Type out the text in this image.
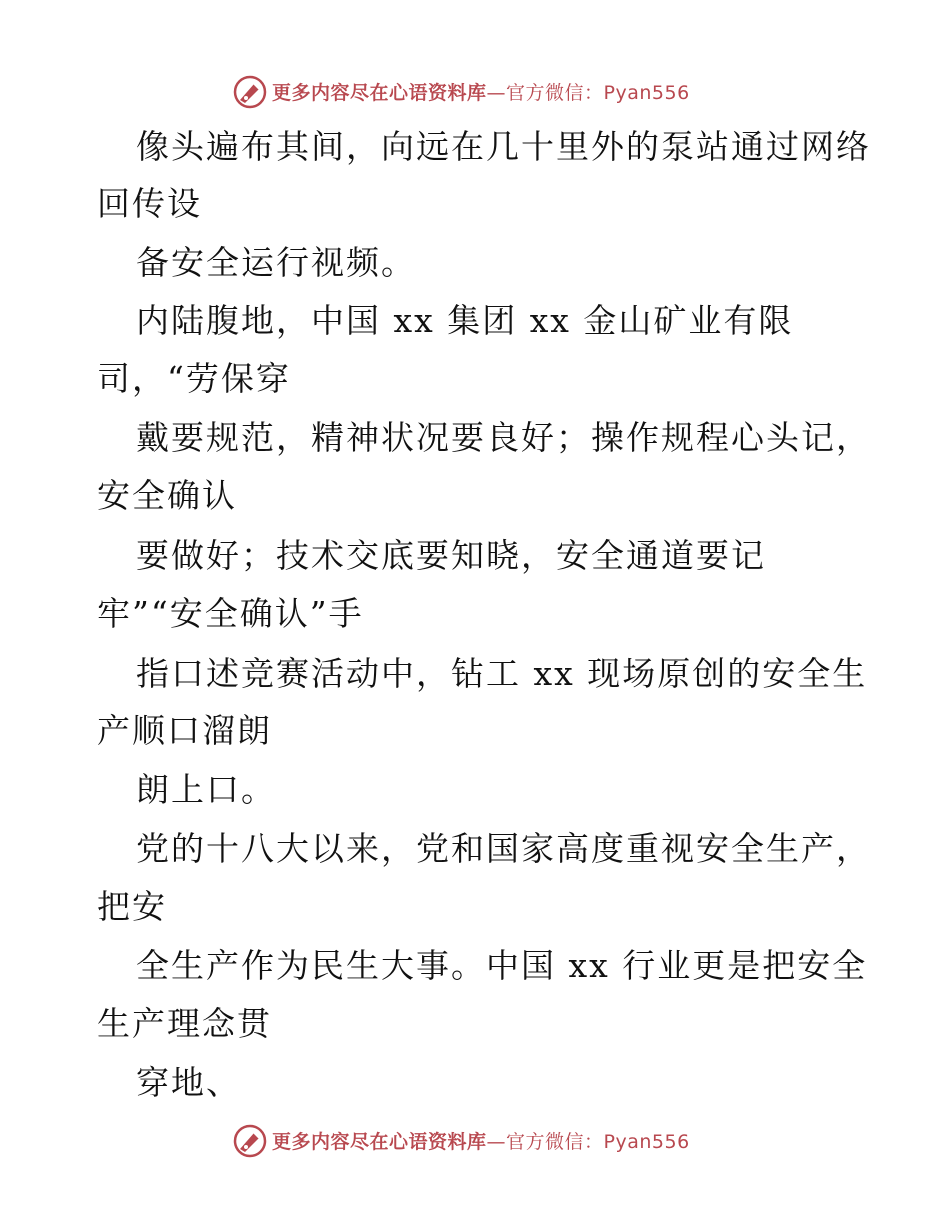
更多内容尽在心语资料库—官方微信：Pyan556
像头遍布其间，向远在几十里外的泵站通过网络
回传设
备安全运行视频。
内陆腹地，中国 xx 集团 xx 金山矿业有限
司，“劳保穿
戴要规范，精神状况要良好；操作规程心头记，
安全确认
要做好；技术交底要知晓，安全通道要记
牢”“安全确认”手
指口述竞赛活动中，钻工 xx 现场原创的安全生
产顺口溜朗
朗上口。
党的十八大以来，党和国家高度重视安全生产，
把安
全生产作为民生大事。中国 xx 行业更是把安全
生产理念贯
穿地、
更多内容尽在心语资料库—官方微信：Pyan556
